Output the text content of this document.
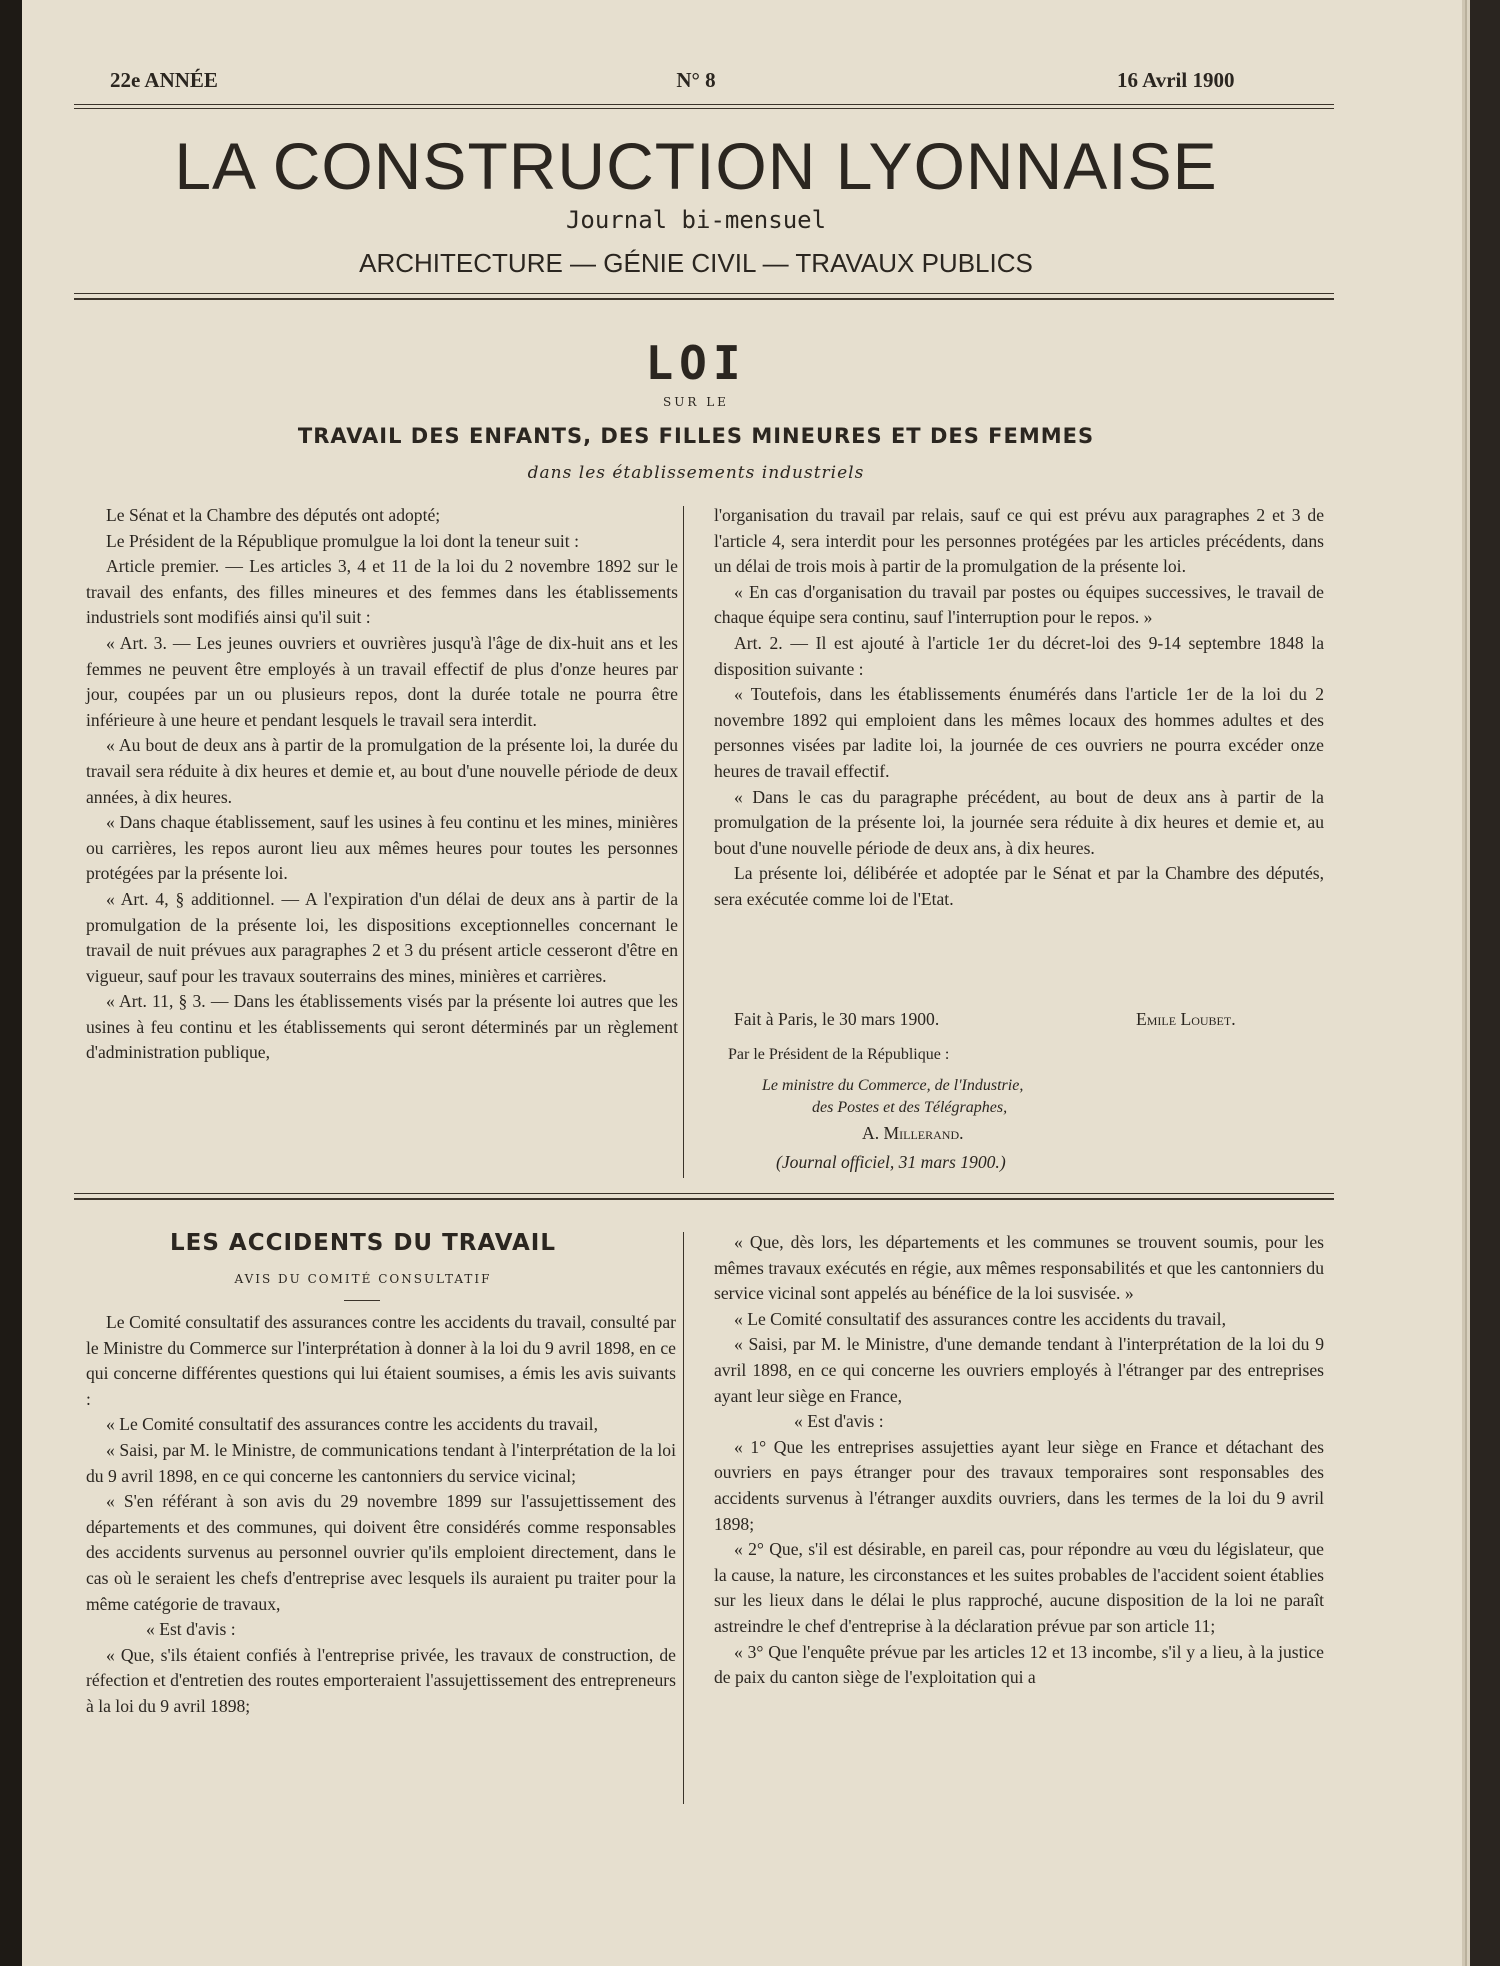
22e ANNÉE	N° 8	16 Avril 1900
LA CONSTRUCTION LYONNAISE
Journal bi-mensuel
ARCHITECTURE — GÉNIE CIVIL — TRAVAUX PUBLICS
LOI
SUR LE
TRAVAIL DES ENFANTS, DES FILLES MINEURES ET DES FEMMES
dans les établissements industriels

Le Sénat et la Chambre des députés ont adopté;

Le Président de la République promulgue la loi dont la teneur suit :

Article premier. — Les articles 3, 4 et 11 de la loi du 2 novembre 1892 sur le travail des enfants, des filles mineures et des femmes dans les établissements industriels sont modifiés ainsi qu'il suit :

« Art. 3. — Les jeunes ouvriers et ouvrières jusqu'à l'âge de dix-huit ans et les femmes ne peuvent être employés à un travail effectif de plus d'onze heures par jour, coupées par un ou plusieurs repos, dont la durée totale ne pourra être inférieure à une heure et pendant lesquels le travail sera interdit.

« Au bout de deux ans à partir de la promulgation de la présente loi, la durée du travail sera réduite à dix heures et demie et, au bout d'une nouvelle période de deux années, à dix heures.

« Dans chaque établissement, sauf les usines à feu continu et les mines, minières ou carrières, les repos auront lieu aux mêmes heures pour toutes les personnes protégées par la présente loi.

« Art. 4, § additionnel. — A l'expiration d'un délai de deux ans à partir de la promulgation de la présente loi, les dispositions exceptionnelles concernant le travail de nuit prévues aux paragraphes 2 et 3 du présent article cesseront d'être en vigueur, sauf pour les travaux souterrains des mines, minières et carrières.

« Art. 11, § 3. — Dans les établissements visés par la présente loi autres que les usines à feu continu et les établissements qui seront déterminés par un règlement d'administration publique,

l'organisation du travail par relais, sauf ce qui est prévu aux paragraphes 2 et 3 de l'article 4, sera interdit pour les personnes protégées par les articles précédents, dans un délai de trois mois à partir de la promulgation de la présente loi.

« En cas d'organisation du travail par postes ou équipes successives, le travail de chaque équipe sera continu, sauf l'interruption pour le repos. »

Art. 2. — Il est ajouté à l'article 1er du décret-loi des 9-14 septembre 1848 la disposition suivante :

« Toutefois, dans les établissements énumérés dans l'article 1er de la loi du 2 novembre 1892 qui emploient dans les mêmes locaux des hommes adultes et des personnes visées par ladite loi, la journée de ces ouvriers ne pourra excéder onze heures de travail effectif.

« Dans le cas du paragraphe précédent, au bout de deux ans à partir de la promulgation de la présente loi, la journée sera réduite à dix heures et demie et, au bout d'une nouvelle période de deux ans, à dix heures.

La présente loi, délibérée et adoptée par le Sénat et par la Chambre des députés, sera exécutée comme loi de l'Etat.

Fait à Paris, le 30 mars 1900.	Emile Loubet.
Par le Président de la République :
Le ministre du Commerce, de l'Industrie,
des Postes et des Télégraphes,
A. Millerand.
(Journal officiel, 31 mars 1900.)
LES ACCIDENTS DU TRAVAIL
AVIS DU COMITÉ CONSULTATIF

Le Comité consultatif des assurances contre les accidents du travail, consulté par le Ministre du Commerce sur l'interprétation à donner à la loi du 9 avril 1898, en ce qui concerne différentes questions qui lui étaient soumises, a émis les avis suivants :

« Le Comité consultatif des assurances contre les accidents du travail,

« Saisi, par M. le Ministre, de communications tendant à l'interprétation de la loi du 9 avril 1898, en ce qui concerne les cantonniers du service vicinal;

« S'en référant à son avis du 29 novembre 1899 sur l'assujettissement des départements et des communes, qui doivent être considérés comme responsables des accidents survenus au personnel ouvrier qu'ils emploient directement, dans le cas où le seraient les chefs d'entreprise avec lesquels ils auraient pu traiter pour la même catégorie de travaux,

« Est d'avis :

« Que, s'ils étaient confiés à l'entreprise privée, les travaux de construction, de réfection et d'entretien des routes emporteraient l'assujettissement des entrepreneurs à la loi du 9 avril 1898;

« Que, dès lors, les départements et les communes se trouvent soumis, pour les mêmes travaux exécutés en régie, aux mêmes responsabilités et que les cantonniers du service vicinal sont appelés au bénéfice de la loi susvisée. »

« Le Comité consultatif des assurances contre les accidents du travail,

« Saisi, par M. le Ministre, d'une demande tendant à l'interprétation de la loi du 9 avril 1898, en ce qui concerne les ouvriers employés à l'étranger par des entreprises ayant leur siège en France,

« Est d'avis :

« 1° Que les entreprises assujetties ayant leur siège en France et détachant des ouvriers en pays étranger pour des travaux temporaires sont responsables des accidents survenus à l'étranger auxdits ouvriers, dans les termes de la loi du 9 avril 1898;

« 2° Que, s'il est désirable, en pareil cas, pour répondre au vœu du législateur, que la cause, la nature, les circonstances et les suites probables de l'accident soient établies sur les lieux dans le délai le plus rapproché, aucune disposition de la loi ne paraît astreindre le chef d'entreprise à la déclaration prévue par son article 11;

« 3° Que l'enquête prévue par les articles 12 et 13 incombe, s'il y a lieu, à la justice de paix du canton siège de l'exploitation qui a
